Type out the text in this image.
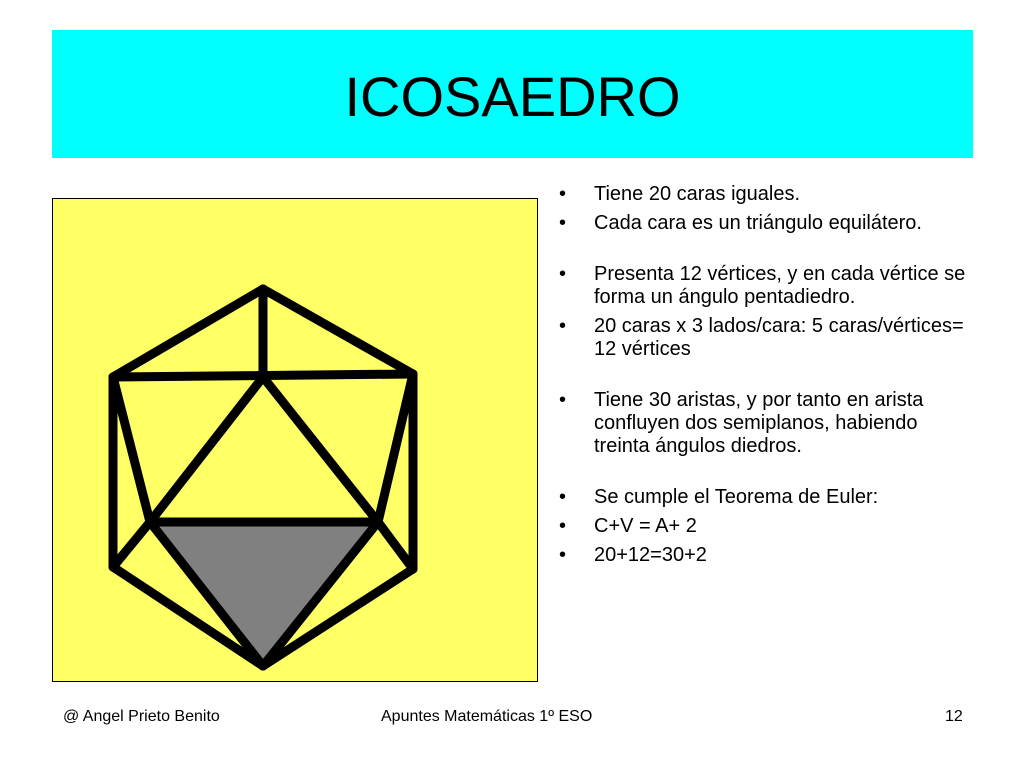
ICOSAEDRO
• Tiene 20 caras iguales.
• Cada cara es un triángulo equilátero.
• Presenta 12 vértices, y en cada vértice se forma un ángulo pentadiedro.
• 20 caras x 3 lados/cara: 5 caras/vértices= 12 vértices
• Tiene 30 aristas, y por tanto en arista confluyen dos semiplanos, habiendo treinta ángulos diedros.
• Se cumple el Teorema de Euler:
• C+V = A+ 2
• 20+12=30+2
@ Angel Prieto Benito	Apuntes Matemáticas 1º ESO	12
